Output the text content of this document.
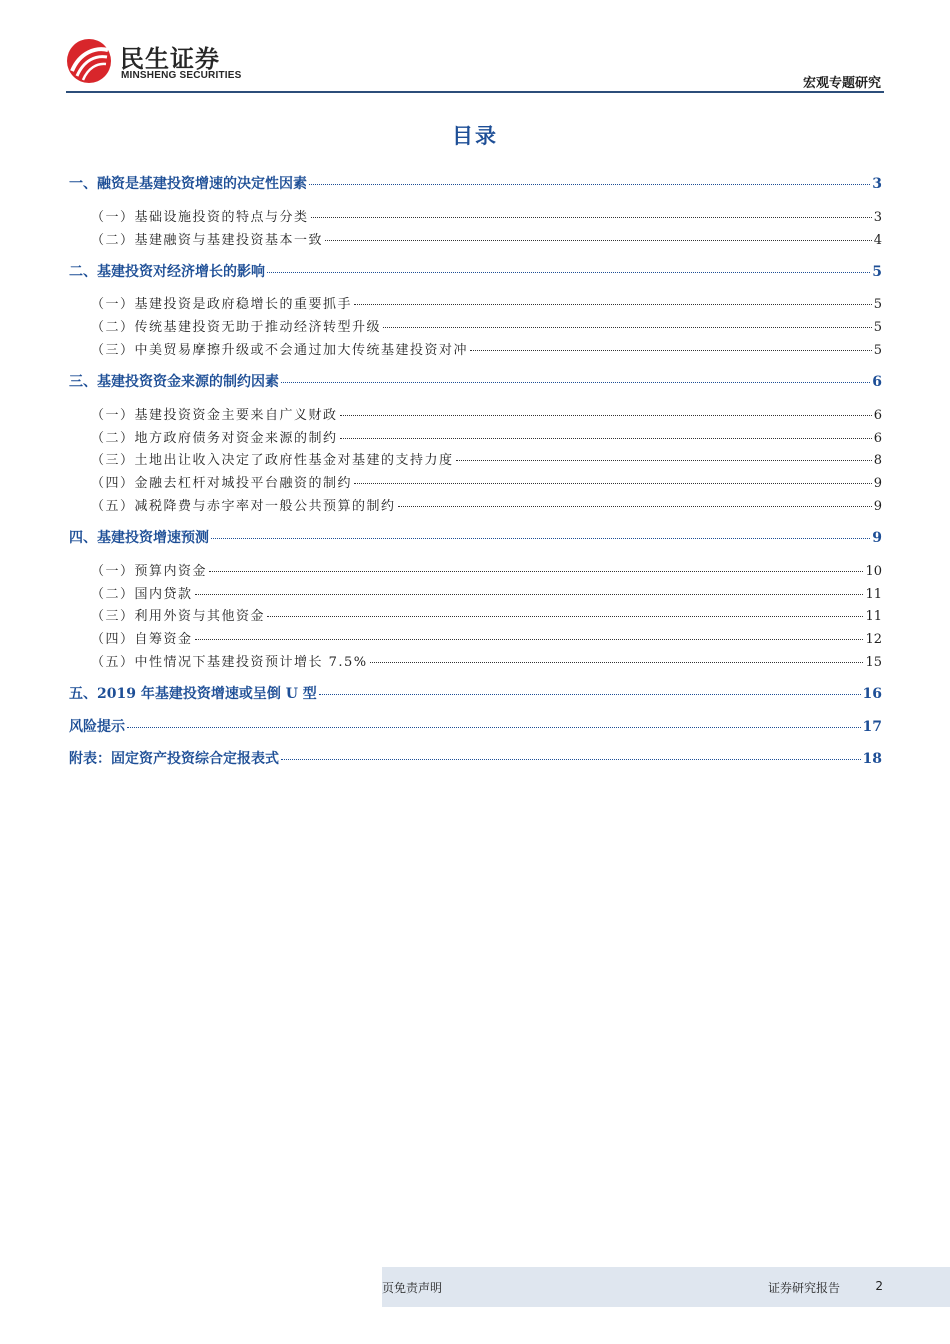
民生证券
MINSHENG SECURITIES
宏观专题研究
目录
一、融资是基建投资增速的决定性因素	3
（一）基础设施投资的特点与分类	3
（二）基建融资与基建投资基本一致	4
二、基建投资对经济增长的影响	5
（一）基建投资是政府稳增长的重要抓手	5
（二）传统基建投资无助于推动经济转型升级	5
（三）中美贸易摩擦升级或不会通过加大传统基建投资对冲	5
三、基建投资资金来源的制约因素	6
（一）基建投资资金主要来自广义财政	6
（二）地方政府债务对资金来源的制约	6
（三）土地出让收入决定了政府性基金对基建的支持力度	8
（四）金融去杠杆对城投平台融资的制约	9
（五）减税降费与赤字率对一般公共预算的制约	9
四、基建投资增速预测	9
（一）预算内资金	10
（二）国内贷款	11
（三）利用外资与其他资金	11
（四）自筹资金	12
（五）中性情况下基建投资预计增长 7.5%	15
五、2019 年基建投资增速或呈倒 U 型	16
风险提示	17
附表：固定资产投资综合定报表式	18
页免责声明	证券研究报告	2
